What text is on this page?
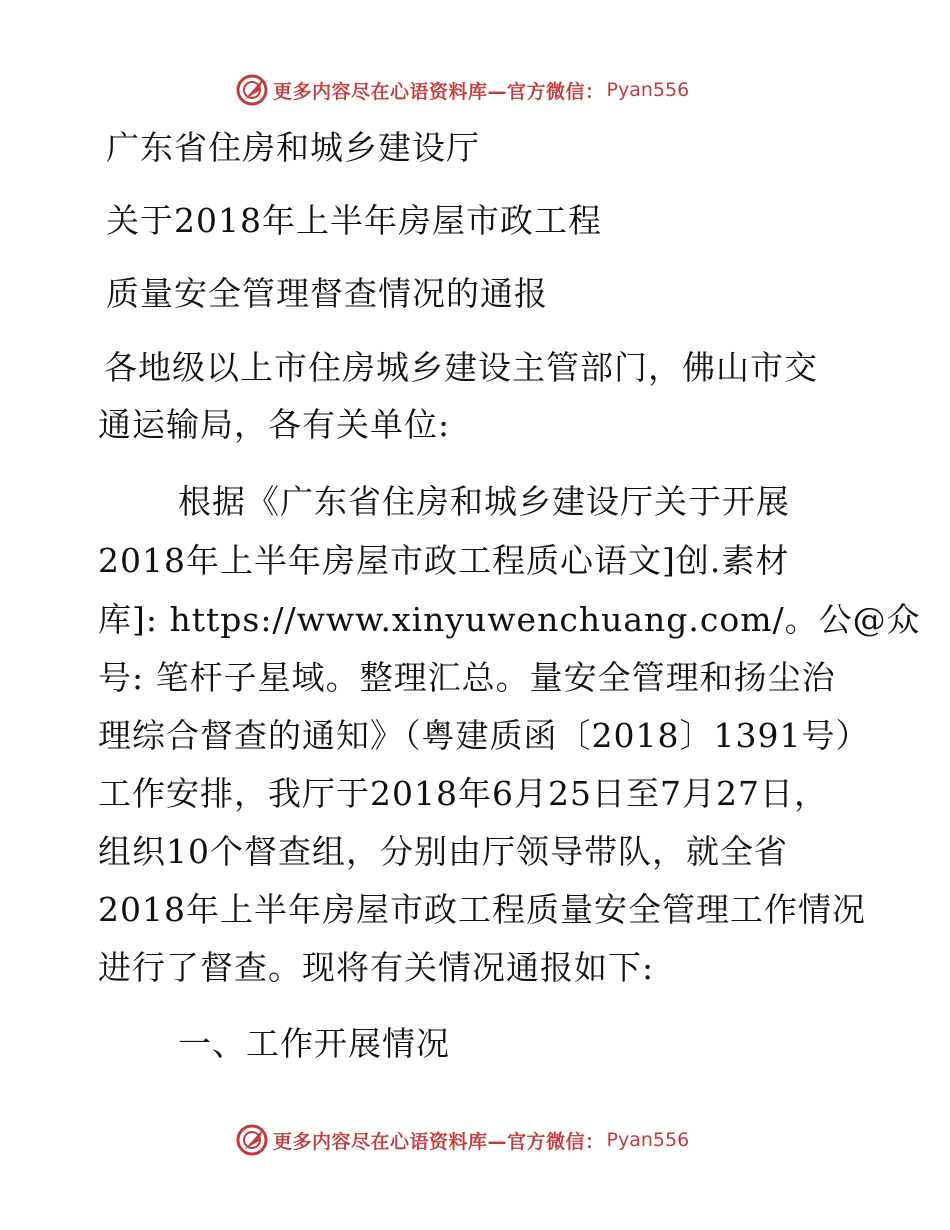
更多内容尽在心语资料库—官方微信： Pyan556
广东省住房和城乡建设厅
关于2018年上半年房屋市政工程
质量安全管理督查情况的通报
各地级以上市住房城乡建设主管部门，佛山市交
通运输局，各有关单位:
根据《广东省住房和城乡建设厅关于开展
2018年上半年房屋市政工程质心语文]创.素材
库]: https://www.xinyuwenchuang.com/。公@众
号: 笔杆子星域。整理汇总。量安全管理和扬尘治
理综合督查的通知》（粤建质函〔2018〕1391号）
工作安排，我厅于2018年6月25日至7月27日，
组织10个督查组，分别由厅领导带队，就全省
2018年上半年房屋市政工程质量安全管理工作情况
进行了督查。现将有关情况通报如下:
一、工作开展情况
更多内容尽在心语资料库—官方微信： Pyan556
